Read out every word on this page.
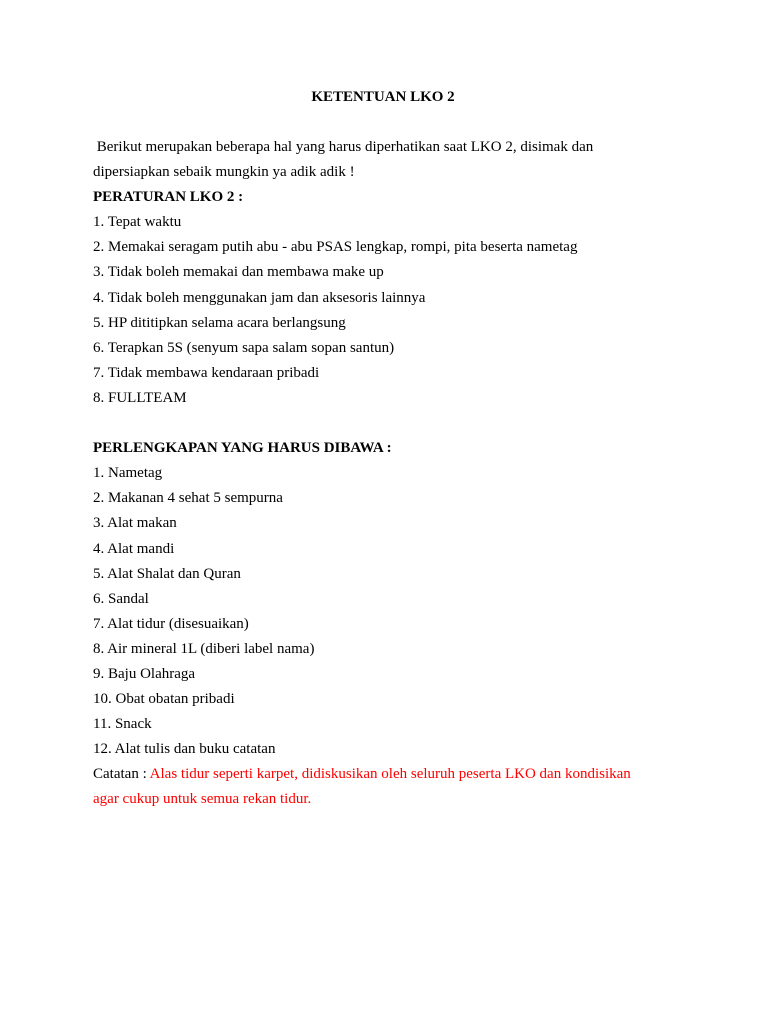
KETENTUAN LKO 2
Berikut merupakan beberapa hal yang harus diperhatikan saat LKO 2, disimak dan
dipersiapkan sebaik mungkin ya adik adik !
PERATURAN LKO 2 :
1. Tepat waktu
2. Memakai seragam putih abu - abu PSAS lengkap, rompi, pita beserta nametag
3. Tidak boleh memakai dan membawa make up
4. Tidak boleh menggunakan jam dan aksesoris lainnya
5. HP dititipkan selama acara berlangsung
6. Terapkan 5S (senyum sapa salam sopan santun)
7. Tidak membawa kendaraan pribadi
8. FULLTEAM
PERLENGKAPAN YANG HARUS DIBAWA :
1. Nametag
2. Makanan 4 sehat 5 sempurna
3. Alat makan
4. Alat mandi
5. Alat Shalat dan Quran
6. Sandal
7. Alat tidur (disesuaikan)
8. Air mineral 1L (diberi label nama)
9. Baju Olahraga
10. Obat obatan pribadi
11. Snack
12. Alat tulis dan buku catatan
Catatan : Alas tidur seperti karpet, didiskusikan oleh seluruh peserta LKO dan kondisikan
agar cukup untuk semua rekan tidur.
